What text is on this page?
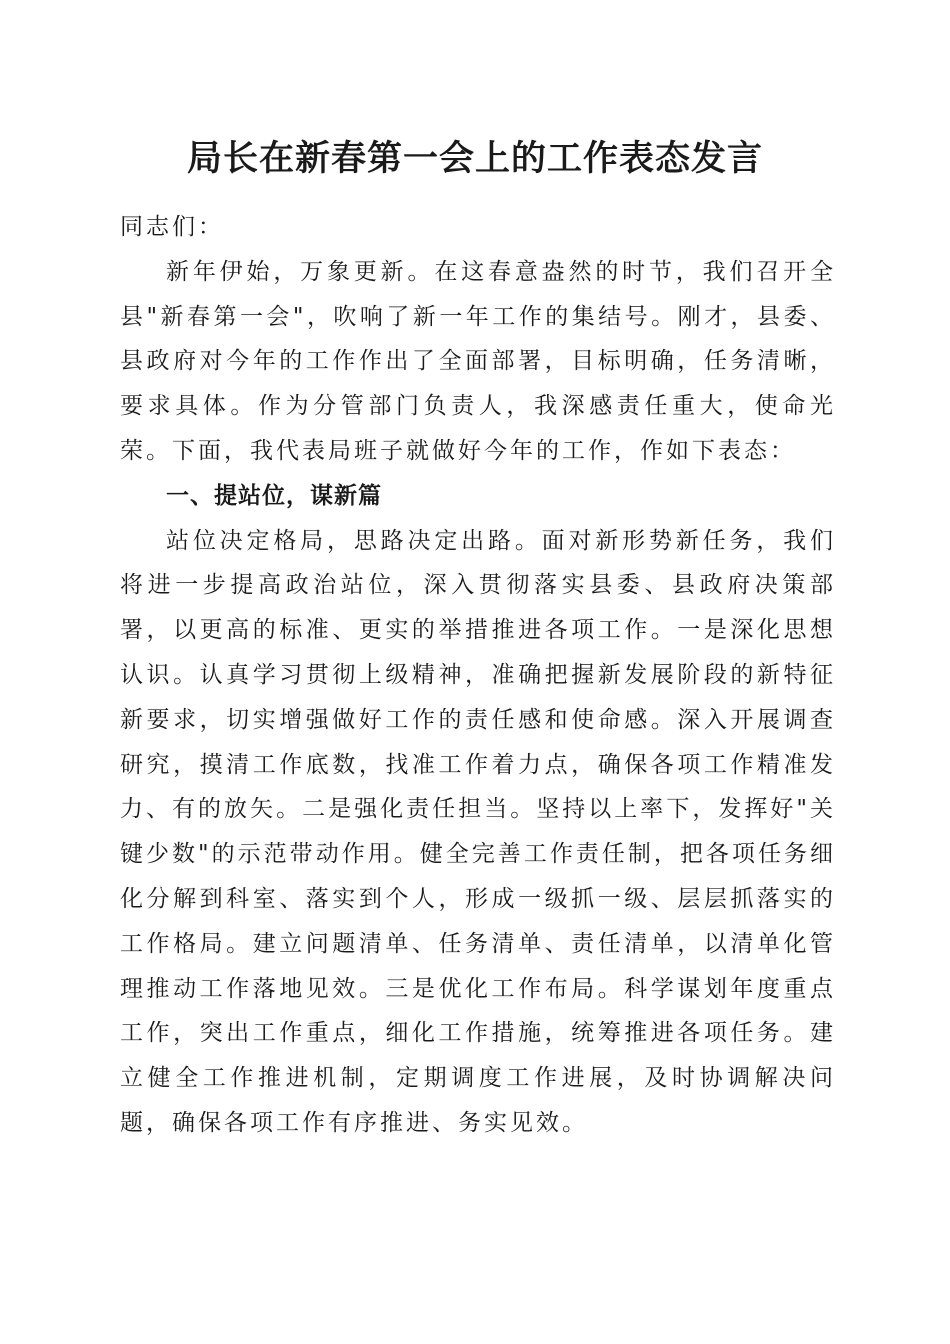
局长在新春第一会上的工作表态发言

同志们：

新年伊始，万象更新。在这春意盎然的时节，我们召开全县"新春第一会"，吹响了新一年工作的集结号。刚才，县委、县政府对今年的工作作出了全面部署，目标明确，任务清晰，要求具体。作为分管部门负责人，我深感责任重大，使命光荣。下面，我代表局班子就做好今年的工作，作如下表态：

一、提站位，谋新篇

站位决定格局，思路决定出路。面对新形势新任务，我们将进一步提高政治站位，深入贯彻落实县委、县政府决策部署，以更高的标准、更实的举措推进各项工作。一是深化思想认识。认真学习贯彻上级精神，准确把握新发展阶段的新特征新要求，切实增强做好工作的责任感和使命感。深入开展调查研究，摸清工作底数，找准工作着力点，确保各项工作精准发力、有的放矢。二是强化责任担当。坚持以上率下，发挥好"关键少数"的示范带动作用。健全完善工作责任制，把各项任务细化分解到科室、落实到个人，形成一级抓一级、层层抓落实的工作格局。建立问题清单、任务清单、责任清单，以清单化管理推动工作落地见效。三是优化工作布局。科学谋划年度重点工作，突出工作重点，细化工作措施，统筹推进各项任务。建立健全工作推进机制，定期调度工作进展，及时协调解决问题，确保各项工作有序推进、务实见效。
